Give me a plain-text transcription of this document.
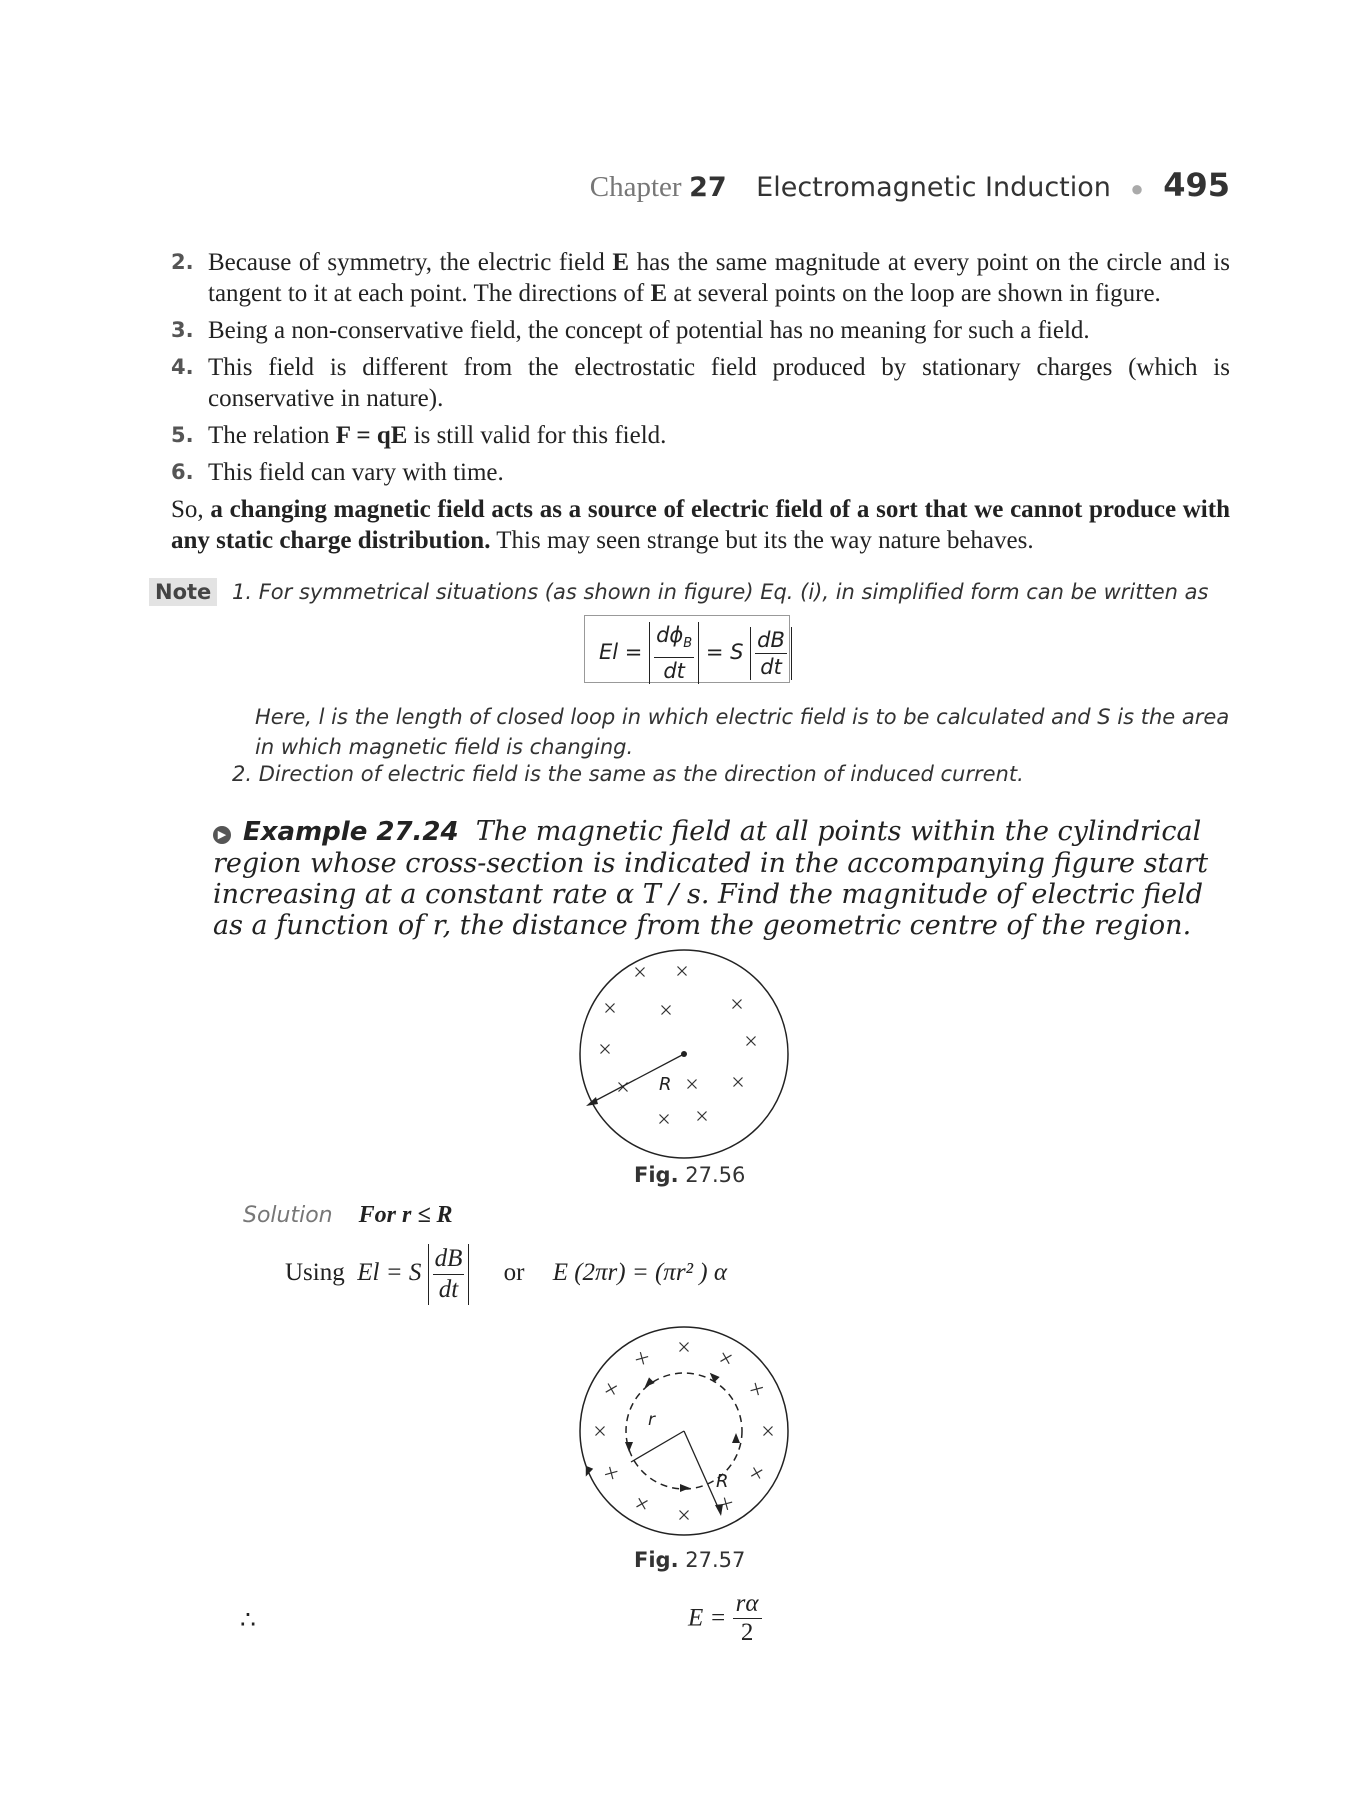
Chapter 27 Electromagnetic Induction ● 495
2. Because of symmetry, the electric field E has the same magnitude at every point on the circle and is tangent to it at each point. The directions of E at several points on the loop are shown in figure.
3. Being a non-conservative field, the concept of potential has no meaning for such a field.
4. This field is different from the electrostatic field produced by stationary charges (which is conservative in nature).
5. The relation F = qE is still valid for this field.
6. This field can vary with time.
So, a changing magnetic field acts as a source of electric field of a sort that we cannot produce with any static charge distribution. This may seen strange but its the way nature behaves.
Note 1. For symmetrical situations (as shown in figure) Eq. (i), in simplified form can be written as
$El = \frac{d\phi_B}{dt} = S \frac{dB}{dt}$
Here, l is the length of closed loop in which electric field is to be calculated and S is the area in which magnetic field is changing.
2. Direction of electric field is the same as the direction of induced current.
▶ Example 27.24 The magnetic field at all points within the cylindrical region whose cross-section is indicated in the accompanying figure start increasing at a constant rate α T / s. Find the magnitude of electric field as a function of r, the distance from the geometric centre of the region.
R
Fig. 27.56
Solution For r ≤ R
Using El = S $\frac{dB}{dt}$ or E (2πr) = (πr² ) α
r
R
Fig. 27.57
∴	$E = \frac{r\alpha}{2}$
